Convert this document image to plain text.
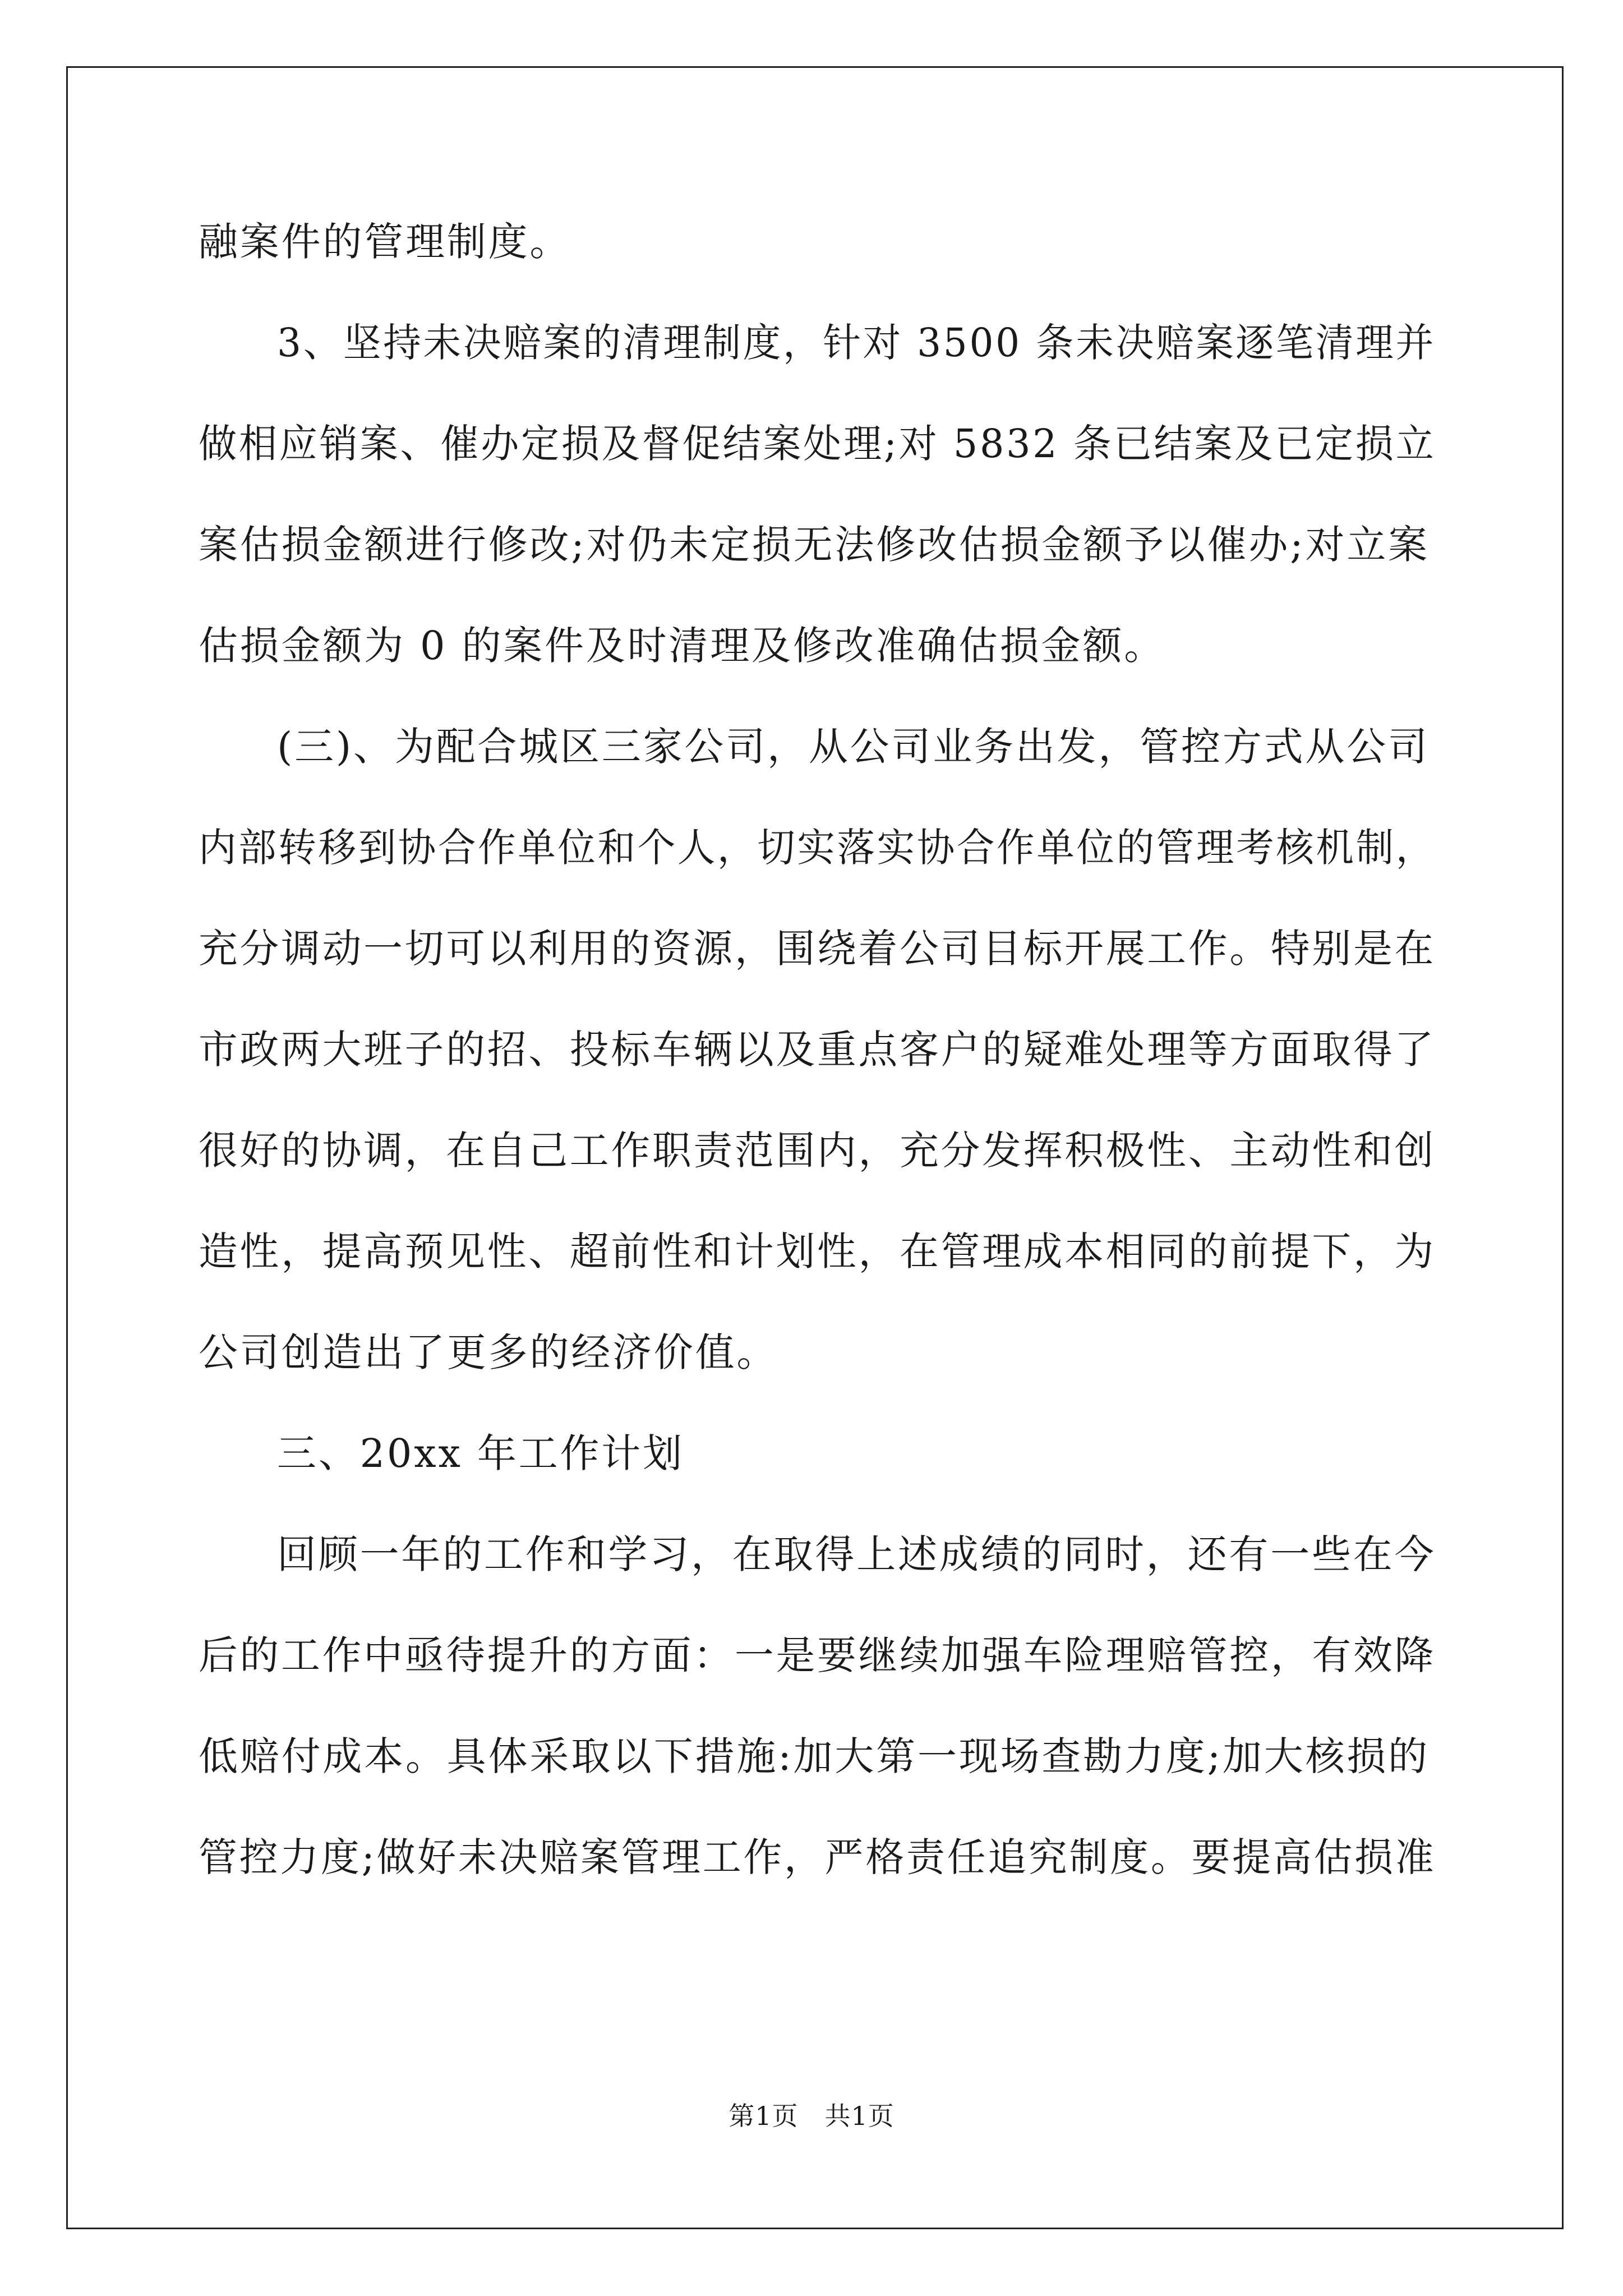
融案件的管理制度。
3、坚持未决赔案的清理制度，针对 3500 条未决赔案逐笔清理并
做相应销案、催办定损及督促结案处理;对 5832 条已结案及已定损立
案估损金额进行修改;对仍未定损无法修改估损金额予以催办;对立案
估损金额为 0 的案件及时清理及修改准确估损金额。
(三)、为配合城区三家公司，从公司业务出发，管控方式从公司
内部转移到协合作单位和个人，切实落实协合作单位的管理考核机制，
充分调动一切可以利用的资源，围绕着公司目标开展工作。特别是在
市政两大班子的招、投标车辆以及重点客户的疑难处理等方面取得了
很好的协调，在自己工作职责范围内，充分发挥积极性、主动性和创
造性，提高预见性、超前性和计划性，在管理成本相同的前提下，为
公司创造出了更多的经济价值。
三、20xx 年工作计划
回顾一年的工作和学习，在取得上述成绩的同时，还有一些在今
后的工作中亟待提升的方面：一是要继续加强车险理赔管控，有效降
低赔付成本。具体采取以下措施:加大第一现场查勘力度;加大核损的
管控力度;做好未决赔案管理工作，严格责任追究制度。要提高估损准
第1页　共1页
